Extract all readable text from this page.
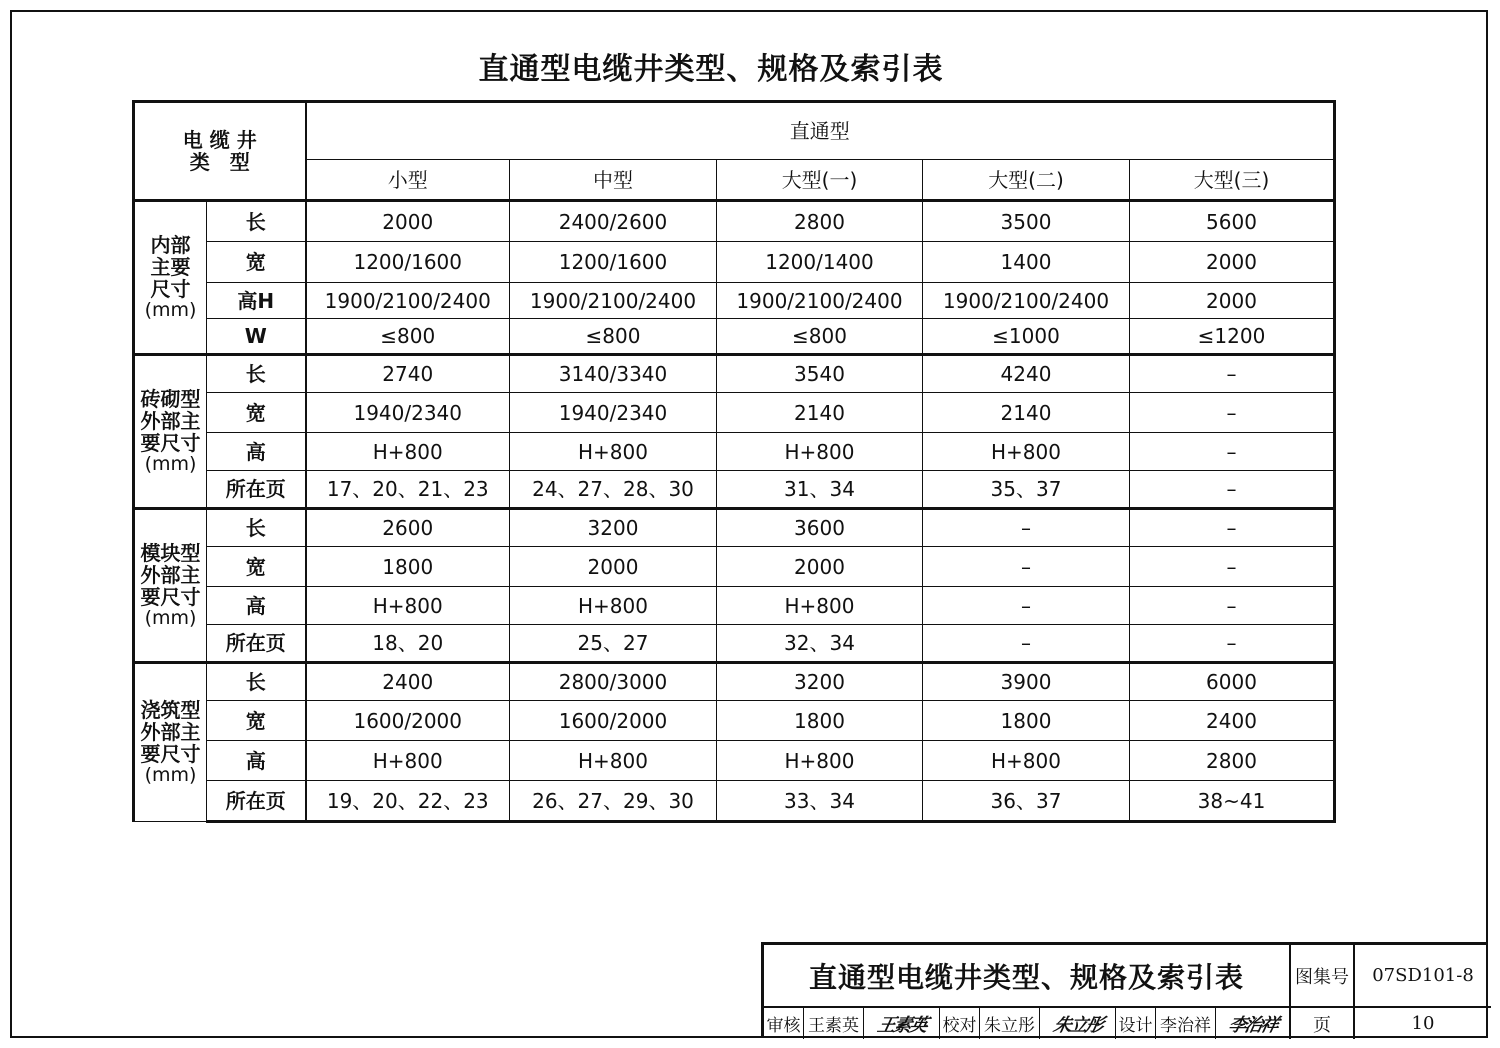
直通型电缆井类型、规格及索引表
电 缆 井
类　型		直通型				
		小型	中型	大型(一)	大型(二)	大型(三)

内部
主要
尺寸
(mm)	长	2000	2400/2600	2800	3500	5600
	宽	1200/1600	1200/1600	1200/1400	1400	2000
	高H	1900/2100/2400	1900/2100/2400	1900/2100/2400	1900/2100/2400	2000
	W	≤800	≤800	≤800	≤1000	≤1200

砖砌型
外部主
要尺寸
(mm)	长	2740	3140/3340	3540	4240	–
	宽	1940/2340	1940/2340	2140	2140	–
	高	H+800	H+800	H+800	H+800	–
	所在页	17、20、21、23	24、27、28、30	31、34	35、37	–

模块型
外部主
要尺寸
(mm)	长	2600	3200	3600	–	–
	宽	1800	2000	2000	–	–
	高	H+800	H+800	H+800	–	–
	所在页	18、20	25、27	32、34	–	–

浇筑型
外部主
要尺寸
(mm)	长	2400	2800/3000	3200	3900	6000
	宽	1600/2000	1600/2000	1800	1800	2400
	高	H+800	H+800	H+800	H+800	2800
	所在页	19、20、22、23	26、27、29、30	33、34	36、37	38~41
直通型电缆井类型、规格及索引表	图集号	07SD101-8
页	10
审核 王素英 王素英 校对 朱立彤 朱立彤 设计 李治祥 李治祥
